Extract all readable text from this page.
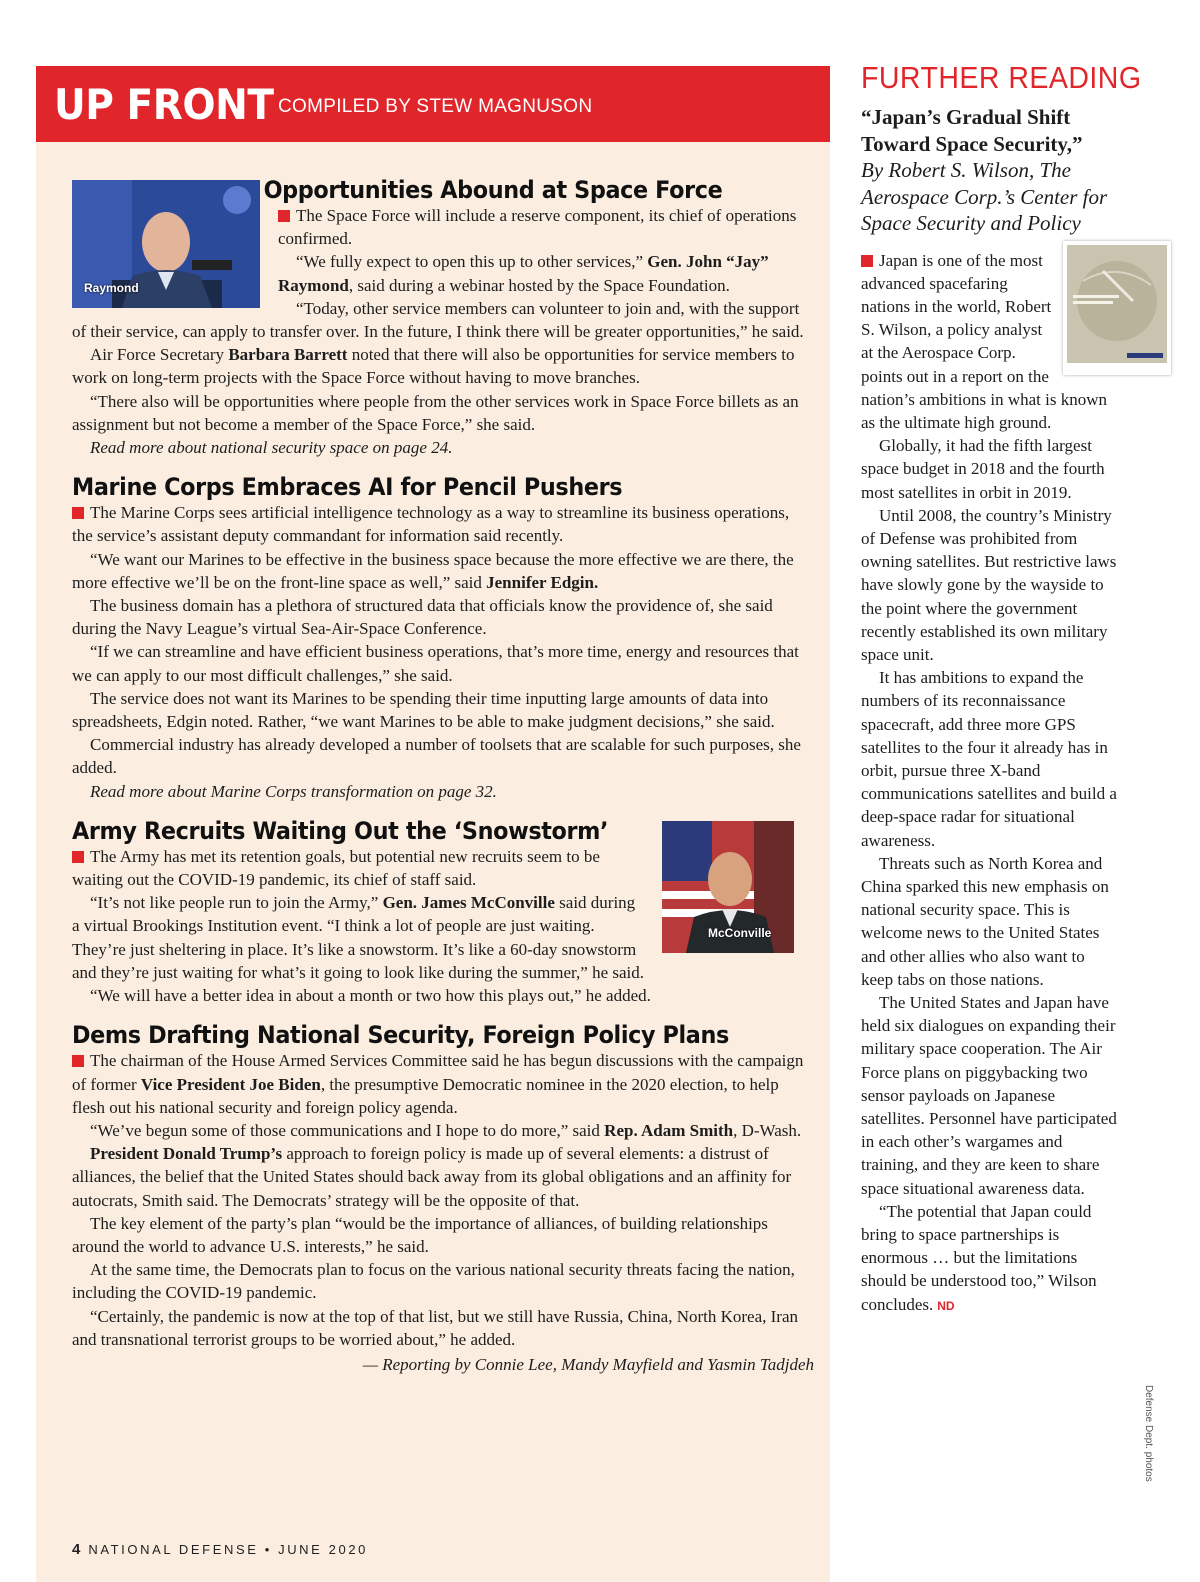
UP FRONT COMPILED BY STEW MAGNUSON
Raymond
Opportunities Abound at Space Force

The Space Force will include a reserve component, its chief of operations confirmed.

“We fully expect to open this up to other services,” Gen. John “Jay” Raymond, said during a webinar hosted by the Space Foundation.

“Today, other service members can volunteer to join and, with the support of their service, can apply to transfer over. In the future, I think there will be greater opportunities,” he said.

Air Force Secretary Barbara Barrett noted that there will also be opportunities for service members to work on long-term projects with the Space Force without having to move branches.

“There also will be opportunities where people from the other services work in Space Force billets as an assignment but not become a member of the Space Force,” she said.

Read more about national security space on page 24.

Marine Corps Embraces AI for Pencil Pushers

The Marine Corps sees artificial intelligence technology as a way to streamline its business operations, the service’s assistant deputy commandant for information said recently.

“We want our Marines to be effective in the business space because the more effective we are there, the more effective we’ll be on the front-line space as well,” said Jennifer Edgin.

The business domain has a plethora of structured data that officials know the providence of, she said during the Navy League’s virtual Sea-Air-Space Conference.

“If we can streamline and have efficient business operations, that’s more time, energy and resources that we can apply to our most difficult challenges,” she said.

The service does not want its Marines to be spending their time inputting large amounts of data into spreadsheets, Edgin noted. Rather, “we want Marines to be able to make judgment decisions,” she said.

Commercial industry has already developed a number of toolsets that are scalable for such purposes, she added.

Read more about Marine Corps transformation on page 32.

McConville
Army Recruits Waiting Out the ‘Snowstorm’

The Army has met its retention goals, but potential new recruits seem to be waiting out the COVID-19 pandemic, its chief of staff said.

“It’s not like people run to join the Army,” Gen. James McConville said during a virtual Brookings Institution event. “I think a lot of people are just waiting. They’re just sheltering in place. It’s like a snowstorm. It’s like a 60-day snowstorm and they’re just waiting for what’s it going to look like during the summer,” he said.

“We will have a better idea in about a month or two how this plays out,” he added.

Dems Drafting National Security, Foreign Policy Plans

The chairman of the House Armed Services Committee said he has begun discussions with the campaign of former Vice President Joe Biden, the presumptive Democratic nominee in the 2020 election, to help flesh out his national security and foreign policy agenda.

“We’ve begun some of those communications and I hope to do more,” said Rep. Adam Smith, D-Wash.

President Donald Trump’s approach to foreign policy is made up of several elements: a distrust of alliances, the belief that the United States should back away from its global obligations and an affinity for autocrats, Smith said. The Democrats’ strategy will be the opposite of that.

The key element of the party’s plan “would be the importance of alliances, of building relationships around the world to advance U.S. interests,” he said.

At the same time, the Democrats plan to focus on the various national security threats facing the nation, including the COVID-19 pandemic.

“Certainly, the pandemic is now at the top of that list, but we still have Russia, China, North Korea, Iran and transnational terrorist groups to be worried about,” he added.

— Reporting by Connie Lee, Mandy Mayfield and Yasmin Tadjdeh

4 NATIONAL DEFENSE • JUNE 2020
FURTHER READING
“Japan’s Gradual Shift Toward Space Security,”
By Robert S. Wilson, The Aerospace Corp.’s Center for Space Security and Policy

Japan is one of the most advanced spacefaring nations in the world, Robert S. Wilson, a policy analyst at the Aerospace Corp. points out in a report on the nation’s ambitions in what is known as the ultimate high ground.

Globally, it had the fifth largest space budget in 2018 and the fourth most satellites in orbit in 2019.

Until 2008, the country’s Ministry of Defense was prohibited from owning satellites. But restrictive laws have slowly gone by the wayside to the point where the government recently established its own military space unit.

It has ambitions to expand the numbers of its reconnaissance spacecraft, add three more GPS satellites to the four it already has in orbit, pursue three X-band communications satellites and build a deep-space radar for situational awareness.

Threats such as North Korea and China sparked this new emphasis on national security space. This is welcome news to the United States and other allies who also want to keep tabs on those nations.

The United States and Japan have held six dialogues on expanding their military space cooperation. The Air Force plans on piggybacking two sensor payloads on Japanese satellites. Personnel have participated in each other’s wargames and training, and they are keen to share space situational awareness data.

“The potential that Japan could bring to space partnerships is enormous … but the limitations should be understood too,” Wilson concludes. ND

Defense Dept. photos
